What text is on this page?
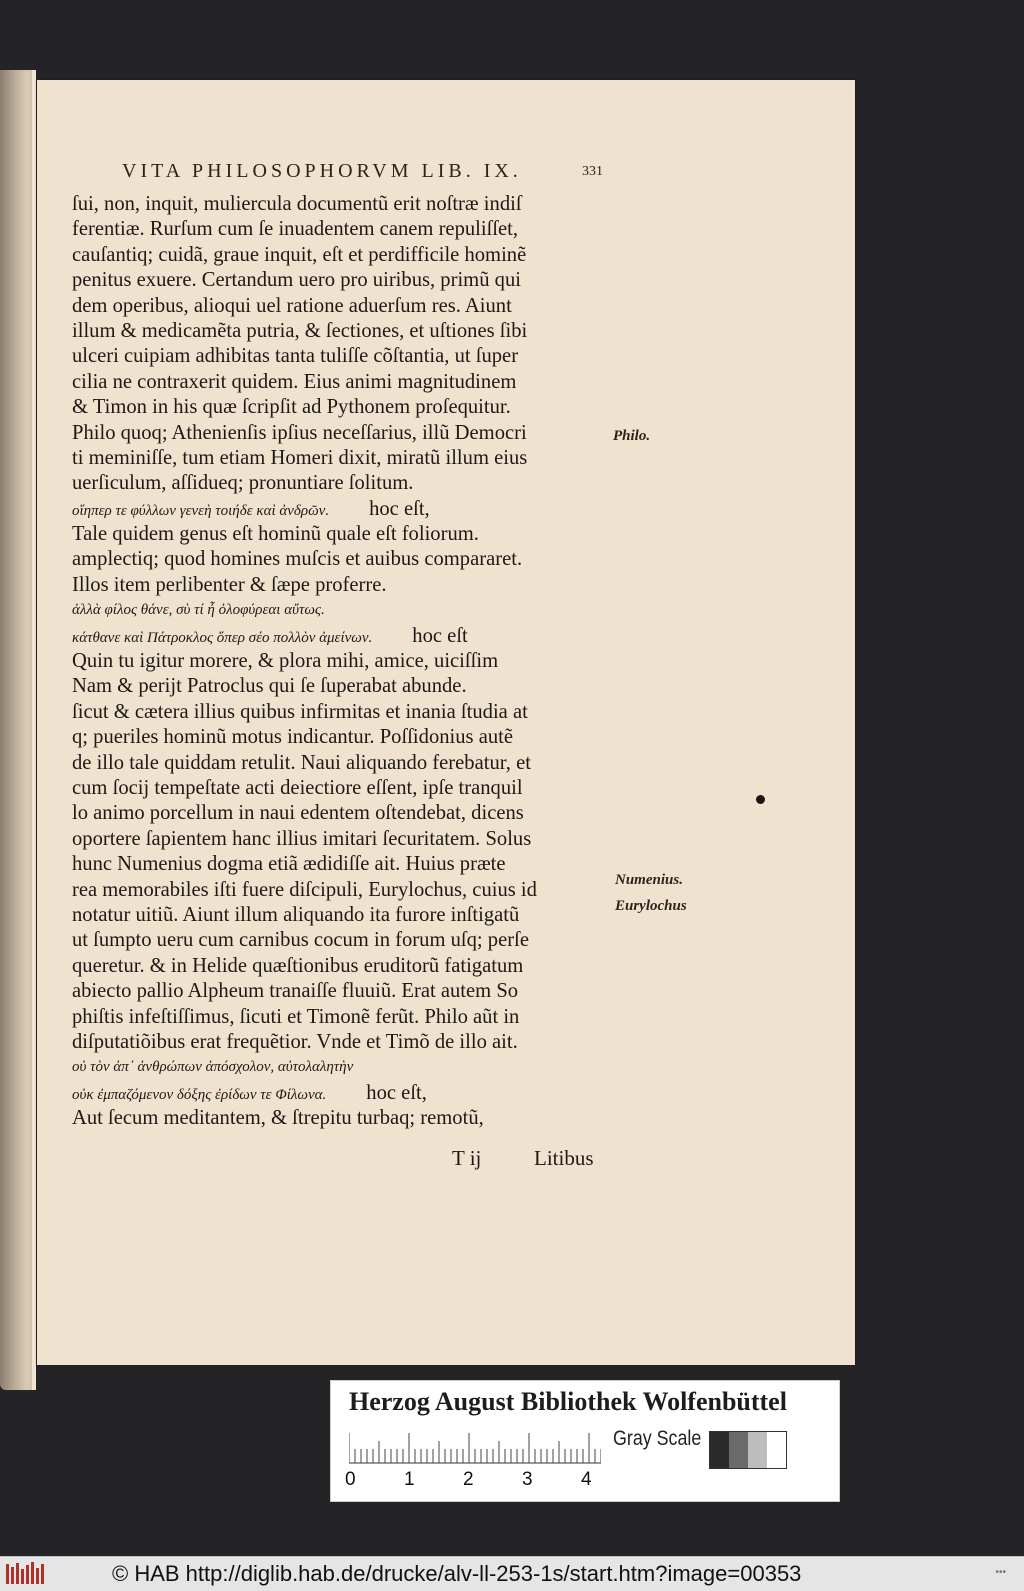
VITA PHILOSOPHORVM LIB. IX.	331
ſui, non, inquit, muliercula documentũ erit noſtræ indiſ
ferentiæ. Rurſum cum ſe inuadentem canem repuliſſet,
cauſantiq; cuidã, graue inquit, eſt et perdifficile hominẽ
penitus exuere. Certandum uero pro uiribus, primũ qui
dem operibus, alioqui uel ratione aduerſum res. Aiunt
illum & medicamẽta putria, & ſectiones, et uſtiones ſibi
ulceri cuipiam adhibitas tanta tuliſſe cõſtantia, ut ſuper
cilia ne contraxerit quidem. Eius animi magnitudinem
& Timon in his quæ ſcripſit ad Pythonem proſequitur.
Philo quoq; Athenienſis ipſius neceſſarius, illũ Democri
ti meminiſſe, tum etiam Homeri dixit, miratũ illum eius
uerſiculum, aſſidueq; pronuntiare ſolitum.
οἵηπερ τε φύλλων γενεὴ τοιήδε καὶ ἀνδρῶν. hoc eſt,
Tale quidem genus eſt hominũ quale eſt foliorum.
amplectiq; quod homines muſcis et auibus compararet.
Illos item perlibenter & ſæpe proferre.
ἀλλὰ φίλος θάνε, σὺ τί ἦ ὀλοφύρεαι αὔτως.
κάτθανε καὶ Πάτροκλος ὅπερ σέο πολλὸν ἀμείνων. hoc eſt
Quin tu igitur morere, & plora mihi, amice, uiciſſim
Nam & perijt Patroclus qui ſe ſuperabat abunde.
ſicut & cætera illius quibus infirmitas et inania ſtudia at
q; pueriles hominũ motus indicantur. Poſſidonius autẽ
de illo tale quiddam retulit. Naui aliquando ferebatur, et
cum ſocij tempeſtate acti deiectiore eſſent, ipſe tranquil
lo animo porcellum in naui edentem oſtendebat, dicens
oportere ſapientem hanc illius imitari ſecuritatem. Solus
hunc Numenius dogma etiã ædidiſſe ait. Huius præte
rea memorabiles iſti fuere diſcipuli, Eurylochus, cuius id
notatur uitiũ. Aiunt illum aliquando ita furore inſtigatũ
ut ſumpto ueru cum carnibus cocum in forum uſq; perſe
queretur. & in Helide quæſtionibus eruditorũ fatigatum
abiecto pallio Alpheum tranaiſſe fluuiũ. Erat autem So
phiſtis infeſtiſſimus, ſicuti et Timonẽ ferũt. Philo aũt in
diſputatiõibus erat frequẽtior. Vnde et Timõ de illo ait.
οὐ τὸν ἀπ᾽ ἀνθρώπων ἀπόσχολον, αὐτολαλητὴν
οὐκ ἐμπαζόμενον δόξης ἐρίδων τε Φίλωνα. hoc eſt,
Aut ſecum meditantem, & ſtrepitu turbaq; remotũ,
Philo.
Numenius.
Eurylochus
T ij	Litibus
Herzog August Bibliothek Wolfenbüttel
0	1	2	3	4
Gray Scale
© HAB http://diglib.hab.de/drucke/alv-ll-253-1s/start.htm?image=00353	•••
